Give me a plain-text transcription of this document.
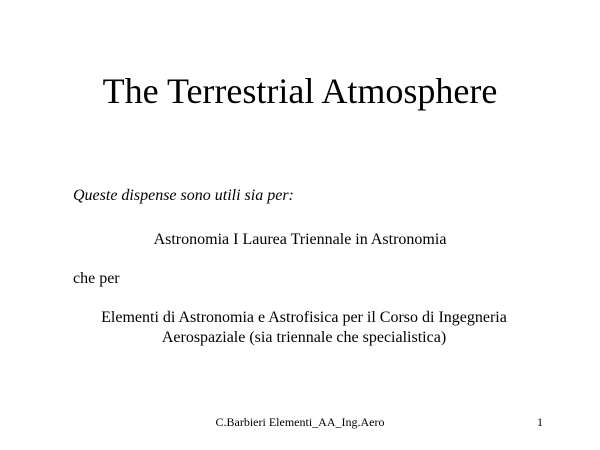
The Terrestrial Atmosphere
Queste dispense sono utili sia per:
Astronomia I Laurea Triennale in Astronomia
che per
Elementi di Astronomia e Astrofisica per il Corso di Ingegneria
Aerospaziale (sia triennale che specialistica)
C.Barbieri Elementi_AA_Ing.Aero	1
